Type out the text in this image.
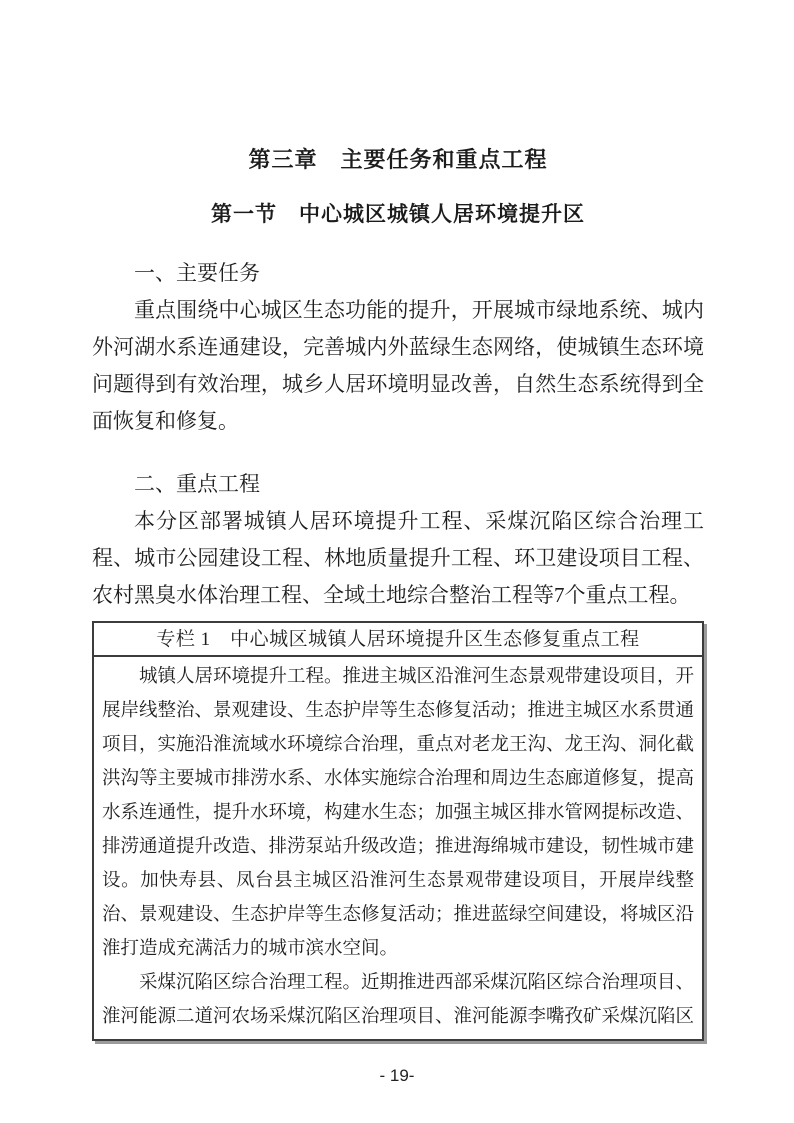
第三章　主要任务和重点工程
第一节　中心城区城镇人居环境提升区
一、主要任务

重点围绕中心城区生态功能的提升，开展城市绿地系统、城内外河湖水系连通建设，完善城内外蓝绿生态网络，使城镇生态环境问题得到有效治理，城乡人居环境明显改善，自然生态系统得到全面恢复和修复。

二、重点工程

本分区部署城镇人居环境提升工程、采煤沉陷区综合治理工程、城市公园建设工程、林地质量提升工程、环卫建设项目工程、农村黑臭水体治理工程、全域土地综合整治工程等7个重点工程。

专栏 1　中心城区城镇人居环境提升区生态修复重点工程

城镇人居环境提升工程。推进主城区沿淮河生态景观带建设项目，开展岸线整治、景观建设、生态护岸等生态修复活动；推进主城区水系贯通项目，实施沿淮流域水环境综合治理，重点对老龙王沟、龙王沟、洞化截洪沟等主要城市排涝水系、水体实施综合治理和周边生态廊道修复，提高水系连通性，提升水环境，构建水生态；加强主城区排水管网提标改造、排涝通道提升改造、排涝泵站升级改造；推进海绵城市建设，韧性城市建设。加快寿县、凤台县主城区沿淮河生态景观带建设项目，开展岸线整治、景观建设、生态护岸等生态修复活动；推进蓝绿空间建设，将城区沿淮打造成充满活力的城市滨水空间。

采煤沉陷区综合治理工程。近期推进西部采煤沉陷区综合治理项目、淮河能源二道河农场采煤沉陷区治理项目、淮河能源李嘴孜矿采煤沉陷区

- 19-
